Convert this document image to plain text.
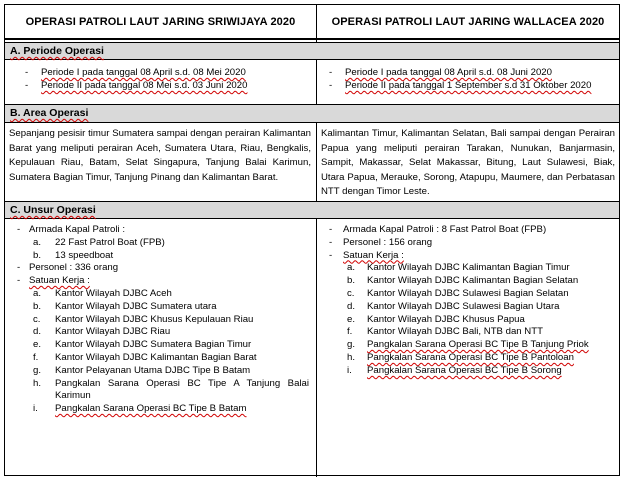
OPERASI PATROLI LAUT JARING SRIWIJAYA 2020	OPERASI PATROLI LAUT JARING WALLACEA 2020
A. Periode Operasi
B. Area Operasi
C. Unsur Operasi
- Periode I pada tanggal 08 April s.d. 08 Mei 2020
- Periode II pada tanggal 08 Mei s.d. 03 Juni 2020
- Periode I pada tanggal 08 April s.d. 08 Juni 2020
- Periode II pada tanggal 1 September s.d 31 Oktober 2020
Sepanjang pesisir timur Sumatera sampai dengan perairan Kalimantan Barat yang meliputi perairan Aceh, Sumatera Utara, Riau, Bengkalis, Kepulauan Riau, Batam, Selat Singapura, Tanjung Balai Karimun, Sumatera Bagian Timur, Tanjung Pinang dan Kalimantan Barat.
Kalimantan Timur, Kalimantan Selatan, Bali sampai dengan Perairan Papua yang meliputi perairan Tarakan, Nunukan, Banjarmasin, Sampit, Makassar, Selat Makassar, Bitung, Laut Sulawesi, Biak, Utara Papua, Merauke, Sorong, Atapupu, Maumere, dan Perbatasan NTT dengan Timor Leste.
- Armada Kapal Patroli :
a. 22 Fast Patrol Boat (FPB)
b. 13 speedboat
- Personel : 336 orang
- Satuan Kerja :
a. Kantor Wilayah DJBC Aceh
b. Kantor Wilayah DJBC Sumatera utara
c. Kantor Wilayah DJBC Khusus Kepulauan Riau
d. Kantor Wilayah DJBC Riau
e. Kantor Wilayah DJBC Sumatera Bagian Timur
f. Kantor Wilayah DJBC Kalimantan Bagian Barat
g. Kantor Pelayanan Utama DJBC Tipe B Batam
h. Pangkalan Sarana Operasi BC Tipe A Tanjung Balai Karimun
i. Pangkalan Sarana Operasi BC Tipe B Batam
- Armada Kapal Patroli : 8 Fast Patrol Boat (FPB)
- Personel : 156 orang
- Satuan Kerja :
a. Kantor Wilayah DJBC Kalimantan Bagian Timur
b. Kantor Wilayah DJBC Kalimantan Bagian Selatan
c. Kantor Wilayah DJBC Sulawesi Bagian Selatan
d. Kantor Wilayah DJBC Sulawesi Bagian Utara
e. Kantor Wilayah DJBC Khusus Papua
f. Kantor Wilayah DJBC Bali, NTB dan NTT
g. Pangkalan Sarana Operasi BC Tipe B Tanjung Priok
h. Pangkalan Sarana Operasi BC Tipe B Pantoloan
i. Pangkalan Sarana Operasi BC Tipe B Sorong
